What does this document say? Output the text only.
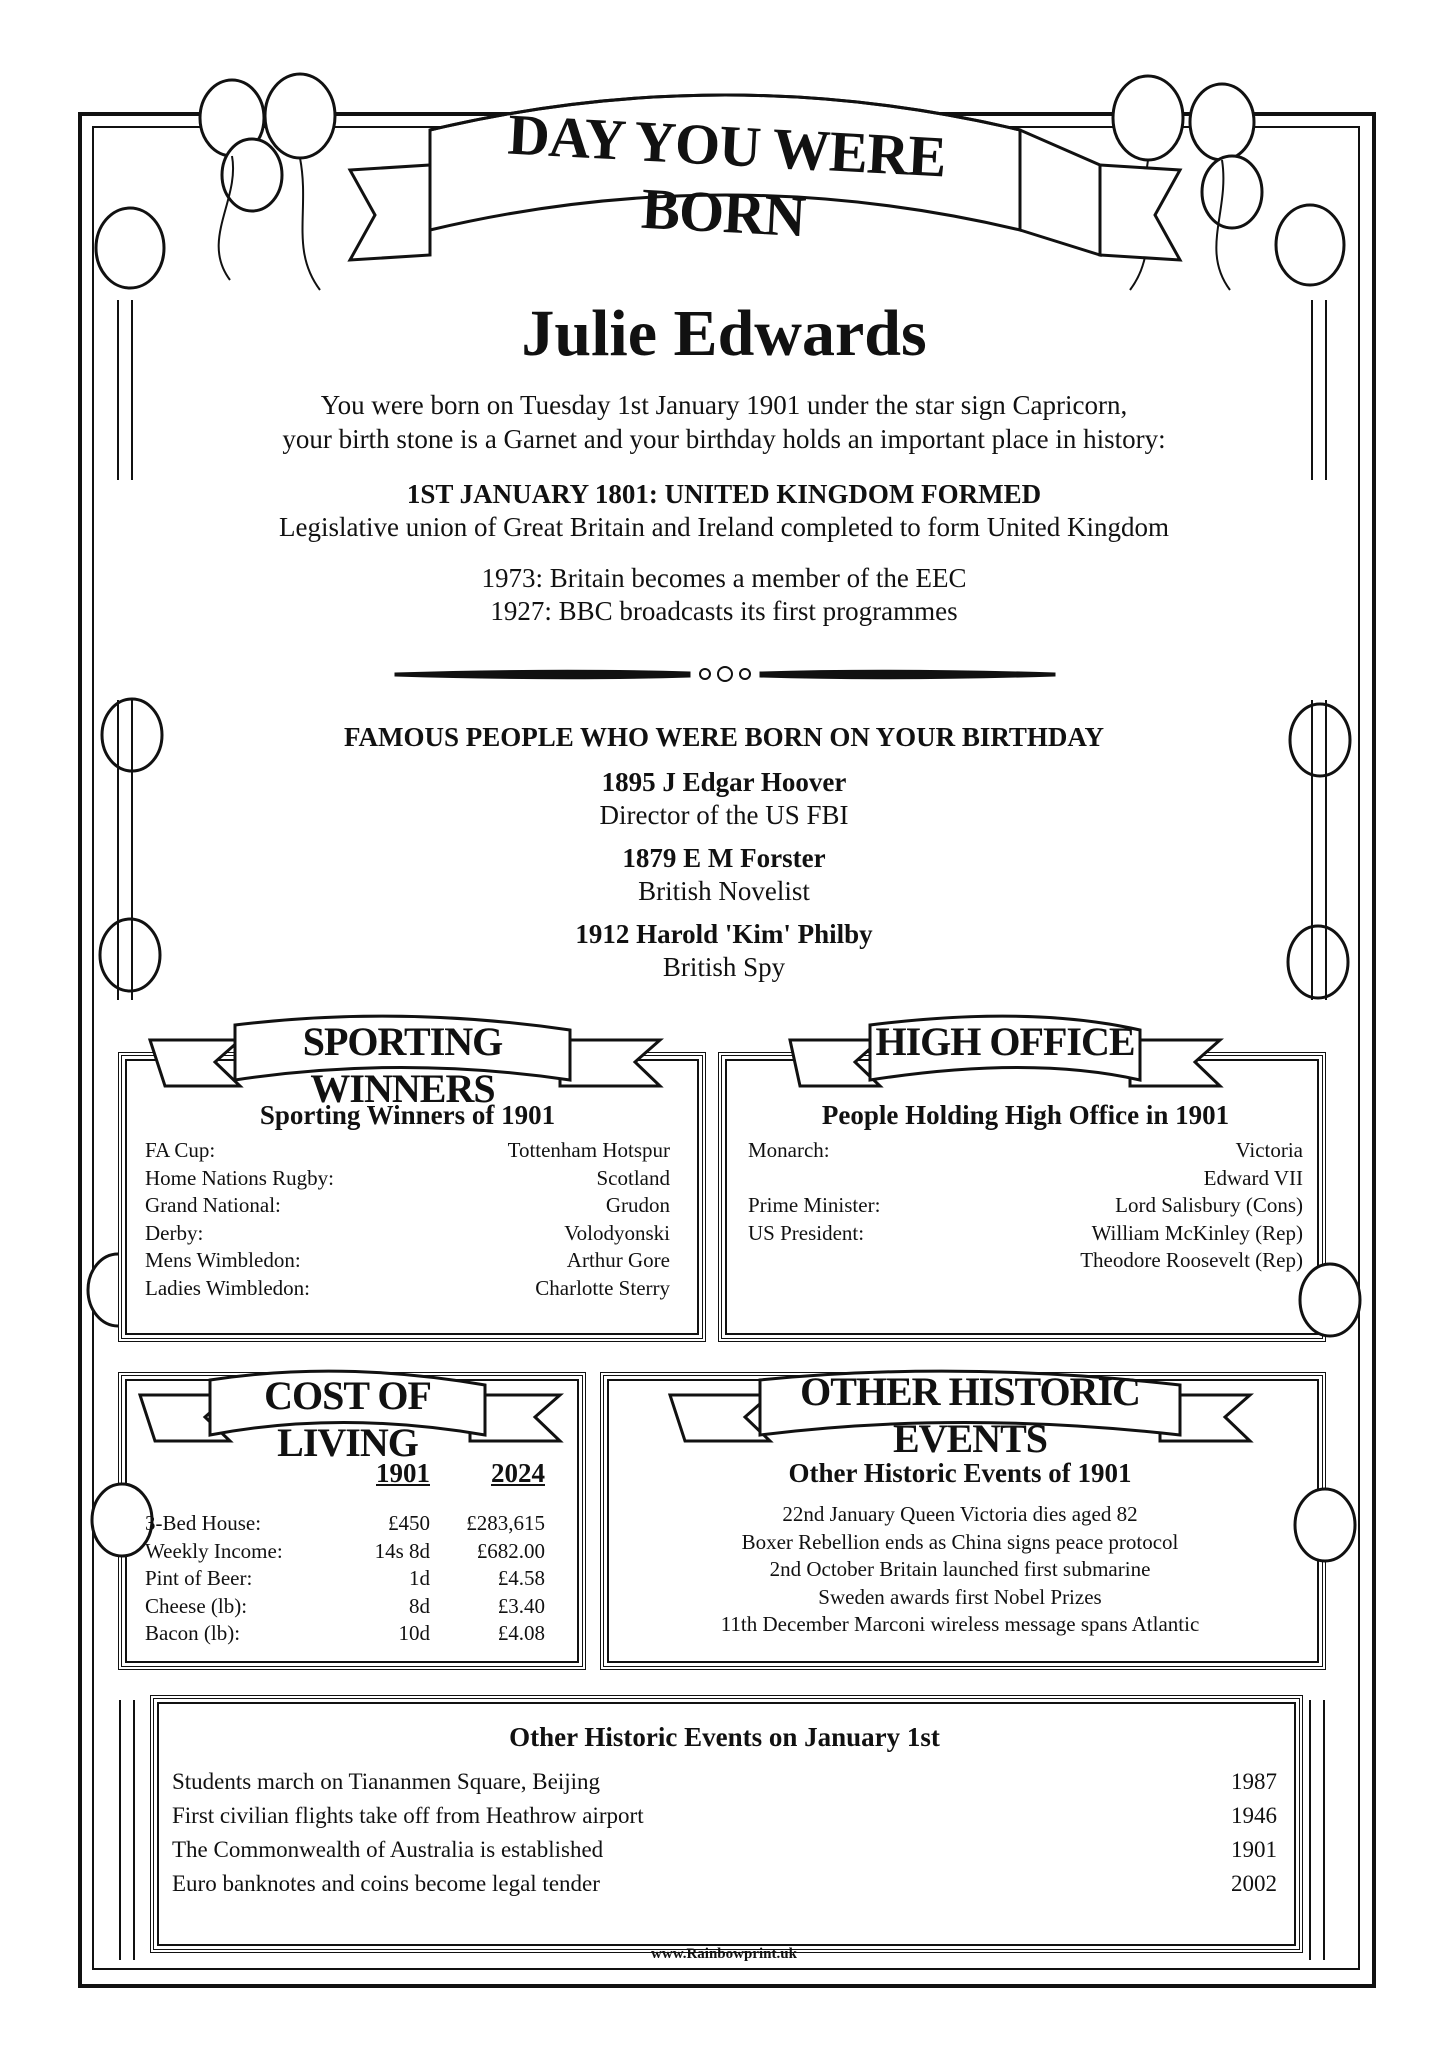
DAY YOU WERE BORN
Julie Edwards
You were born on Tuesday 1st January 1901 under the star sign Capricorn,
your birth stone is a Garnet and your birthday holds an important place in history:
1ST JANUARY 1801: UNITED KINGDOM FORMED
Legislative union of Great Britain and Ireland completed to form United Kingdom
1973: Britain becomes a member of the EEC
1927: BBC broadcasts its first programmes
FAMOUS PEOPLE WHO WERE BORN ON YOUR BIRTHDAY
1895 J Edgar Hoover
Director of the US FBI
1879 E M Forster
British Novelist
1912 Harold 'Kim' Philby
British Spy
SPORTING WINNERS
Sporting Winners of 1901
FA Cup:	Tottenham Hotspur
Home Nations Rugby:	Scotland
Grand National:	Grudon
Derby:	Volodyonski
Mens Wimbledon:	Arthur Gore
Ladies Wimbledon:	Charlotte Sterry
HIGH OFFICE
People Holding High Office in 1901
Monarch:	Victoria
Edward VII
Prime Minister:	Lord Salisbury (Cons)
US President:	William McKinley (Rep)
Theodore Roosevelt (Rep)
COST OF LIVING
1901	2024
3-Bed House:	£450	£283,615
Weekly Income:	14s 8d	£682.00
Pint of Beer:	1d	£4.58
Cheese (lb):	8d	£3.40
Bacon (lb):	10d	£4.08
OTHER HISTORIC EVENTS
Other Historic Events of 1901
22nd January Queen Victoria dies aged 82
Boxer Rebellion ends as China signs peace protocol
2nd October Britain launched first submarine
Sweden awards first Nobel Prizes
11th December Marconi wireless message spans Atlantic
Other Historic Events on January 1st
Students march on Tiananmen Square, Beijing	1987
First civilian flights take off from Heathrow airport	1946
The Commonwealth of Australia is established	1901
Euro banknotes and coins become legal tender	2002
www.Rainbowprint.uk
